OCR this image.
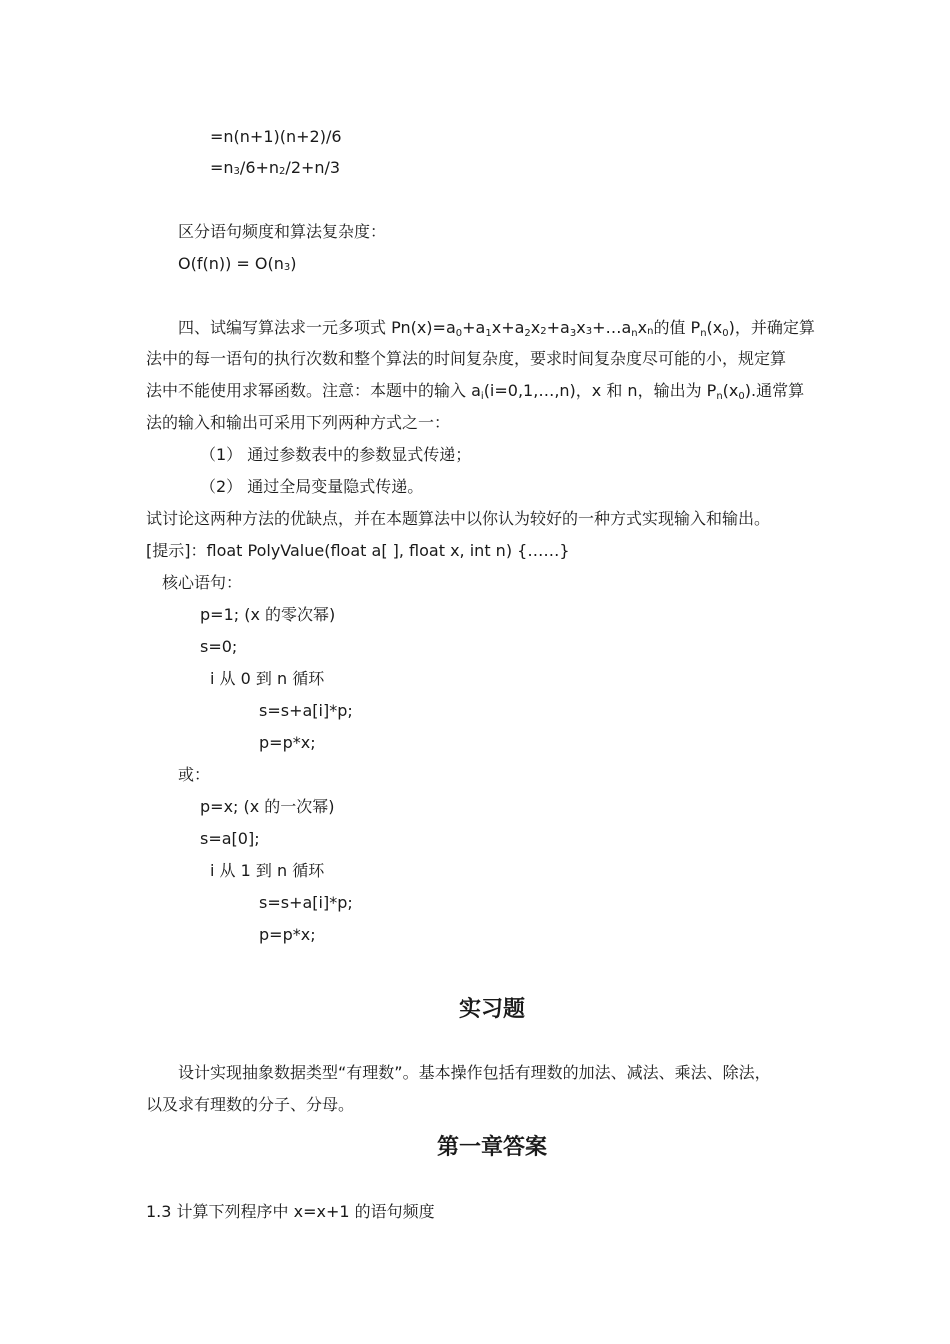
=n(n+1)(n+2)/6
$=n^3/6+n^2/2+n/3$
区分语句频度和算法复杂度：
$O(f(n)) = O(n^3)$
四、试编写算法求一元多项式 $Pn(x)=a_0+a_1x+a_2x^2+a_3x^3+\dots a_nx^n$的值 $P_n(x_0)$，并确定算
法中的每一语句的执行次数和整个算法的时间复杂度，要求时间复杂度尽可能的小，规定算
法中不能使用求幂函数。注意：本题中的输入 $a_i(i=0,1,\dots,n)$，x 和 n，输出为 $P_n(x_0)$.通常算
法的输入和输出可采用下列两种方式之一：
（1） 通过参数表中的参数显式传递；
（2） 通过全局变量隐式传递。
试讨论这两种方法的优缺点，并在本题算法中以你认为较好的一种方式实现输入和输出。
[提示]：float PolyValue(float a[ ], float x, int n) {……}
核心语句：
p=1; (x 的零次幂)
s=0;
i 从 0 到 n 循环
s=s+a[i]*p;
p=p*x;
或：
p=x; (x 的一次幂)
s=a[0];
i 从 1 到 n 循环
s=s+a[i]*p;
p=p*x;
实习题
设计实现抽象数据类型“有理数”。基本操作包括有理数的加法、减法、乘法、除法，
以及求有理数的分子、分母。
第一章答案
1.3 计算下列程序中 x=x+1 的语句频度
